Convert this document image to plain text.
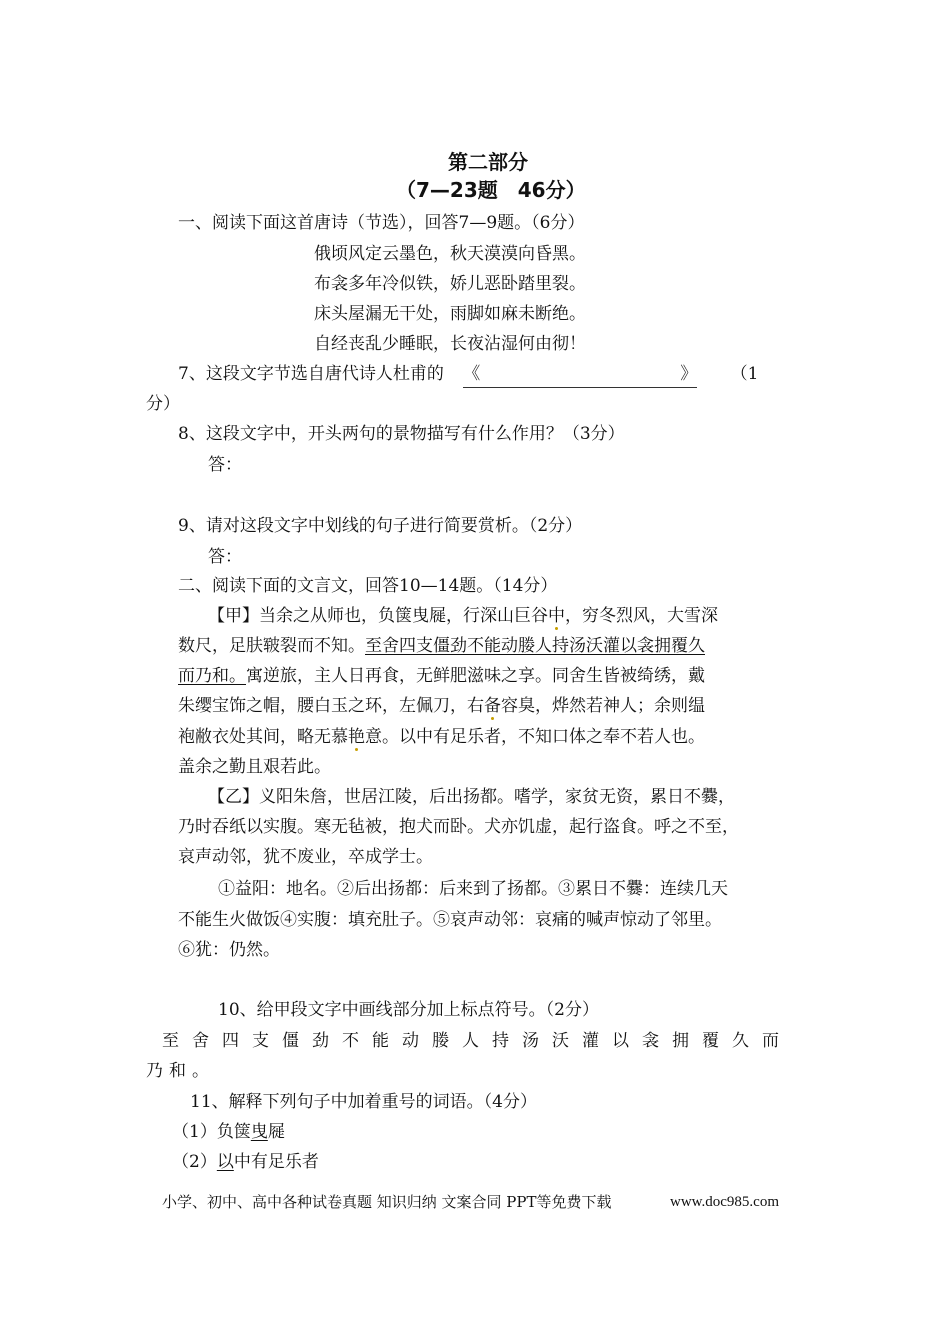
第二部分
（7—23题　46分）
一、阅读下面这首唐诗（节选），回答7—9题。（6分）
俄顷风定云墨色，秋天漠漠向昏黑。
布衾多年冷似铁，娇儿恶卧踏里裂。
床头屋漏无干处，雨脚如麻未断绝。
自经丧乱少睡眠，长夜沾湿何由彻！
7、这段文字节选自唐代诗人杜甫的 《	》 （1
分）
8、这段文字中，开头两句的景物描写有什么作用？（3分）
答：
9、请对这段文字中划线的句子进行简要赏析。（2分）
答：
二、阅读下面的文言文，回答10—14题。（14分）
【甲】当余之从师也，负箧曳屣，行深山巨谷中，穷冬烈风，大雪深
数尺，足肤皲裂而不知。至舍四支僵劲不能动媵人持汤沃灌以衾拥覆久
而乃和。寓逆旅，主人日再食，无鲜肥滋味之享。同舍生皆被绮绣，戴
朱缨宝饰之帽，腰白玉之环，左佩刀，右备容臭，烨然若神人；余则缊
袍敝衣处其间，略无慕艳意。以中有足乐者，不知口体之奉不若人也。
盖余之勤且艰若此。
【乙】义阳朱詹，世居江陵，后出扬都。嗜学，家贫无资，累日不爨，
乃时吞纸以实腹。寒无毡被，抱犬而卧。犬亦饥虚，起行盗食。呼之不至，
哀声动邻，犹不废业，卒成学士。
①益阳：地名。②后出扬都：后来到了扬都。③累日不爨：连续几天
不能生火做饭④实腹：填充肚子。⑤哀声动邻：哀痛的喊声惊动了邻里。
⑥犹：仍然。
10、给甲段文字中画线部分加上标点符号。（2分）
至舍四支僵劲不能动媵人持汤沃灌以衾拥覆久而
乃和。
11、解释下列句子中加着重号的词语。（4分）
（1）负箧曳屣
（2）以中有足乐者
小学、初中、高中各种试卷真题 知识归纳 文案合同 PPT等免费下载	www.doc985.com
